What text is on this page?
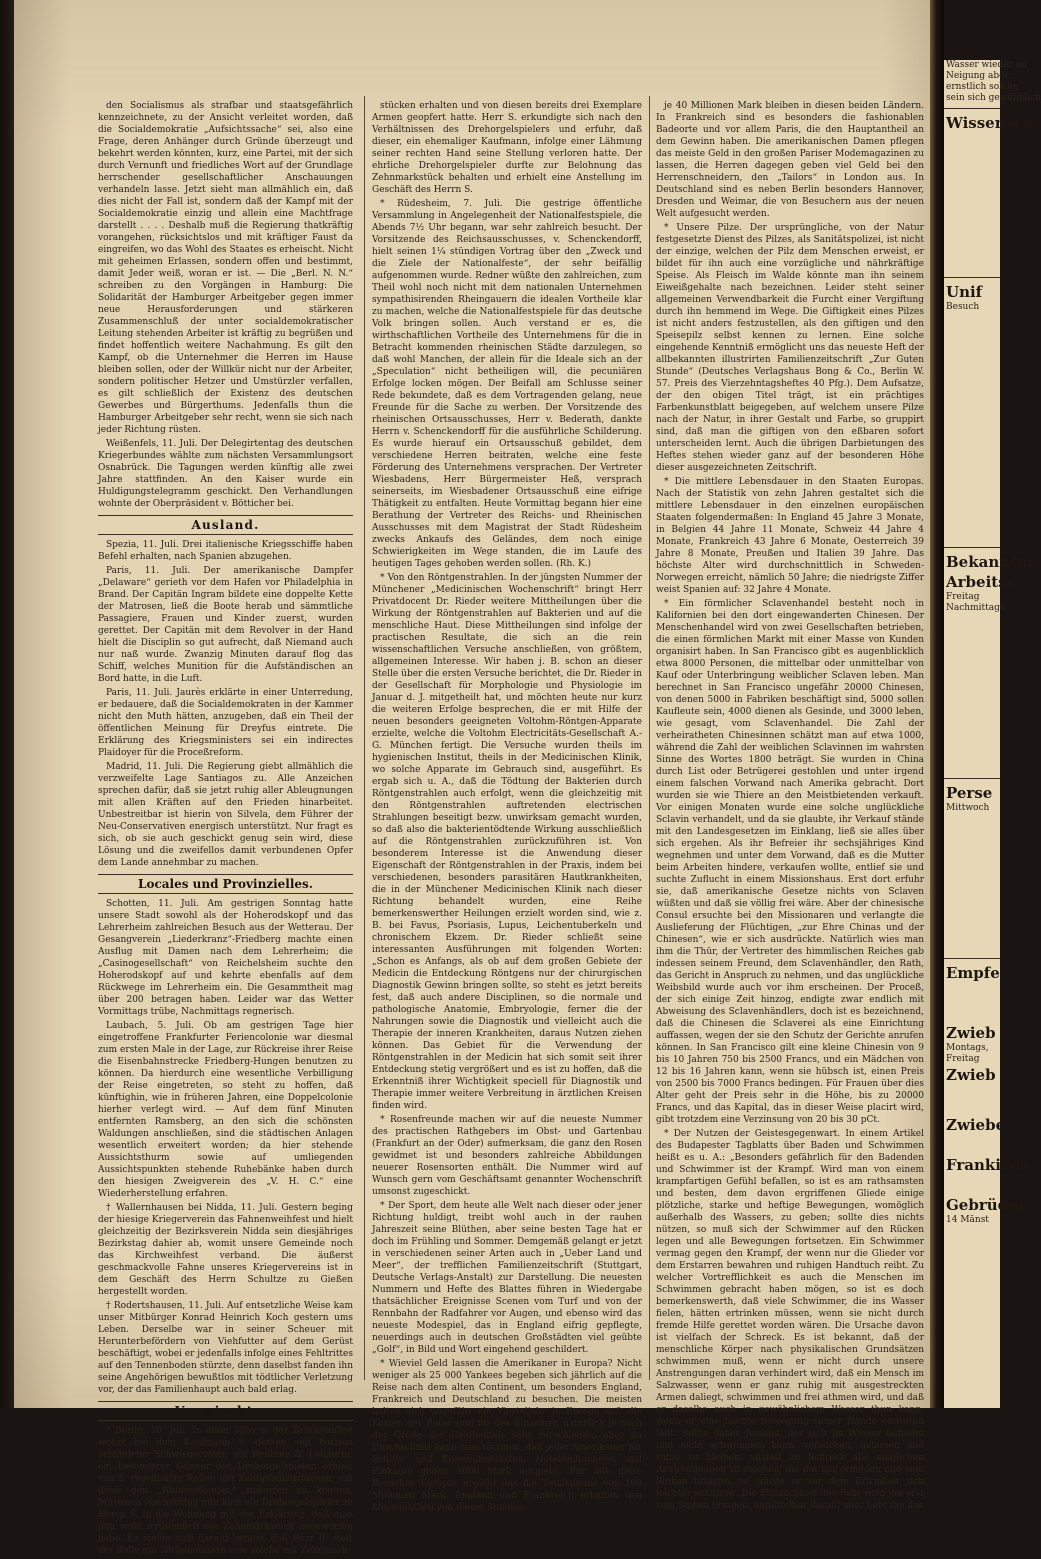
den Socialismus als strafbar und staatsgefährlich kennzeichnete, zu der Ansicht verleitet worden, daß die Socialdemokratie „Aufsichtssache“ sei, also eine Frage, deren Anhänger durch Gründe überzeugt und bekehrt werden könnten, kurz, eine Partei, mit der sich durch Vernunft und friedliches Wort auf der Grundlage herrschender gesellschaftlicher Anschauungen verhandeln lasse. Jetzt sieht man allmählich ein, daß dies nicht der Fall ist, sondern daß der Kampf mit der Socialdemokratie einzig und allein eine Machtfrage darstellt . . . . Deshalb muß die Regierung thatkräftig vorangehen, rücksichtslos und mit kräftiger Faust da eingreifen, wo das Wohl des Staates es erheischt. Nicht mit geheimen Erlassen, sondern offen und bestimmt, damit Jeder weiß, woran er ist. — Die „Berl. N. N.“ schreiben zu den Vorgängen in Hamburg: Die Solidarität der Hamburger Arbeitgeber gegen immer neue Herausforderungen und stärkeren Zusammenschluß der unter socialdemokratischer Leitung stehenden Arbeiter ist kräftig zu begrüßen und findet hoffentlich weitere Nachahmung. Es gilt den Kampf, ob die Unternehmer die Herren im Hause bleiben sollen, oder der Willkür nicht nur der Arbeiter, sondern politischer Hetzer und Umstürzler verfallen, es gilt schließlich der Existenz des deutschen Gewerbes und Bürgerthums. Jedenfalls thun die Hamburger Arbeitgeber sehr recht, wenn sie sich nach jeder Richtung rüsten.

Weißenfels, 11. Juli. Der Delegirtentag des deutschen Kriegerbundes wählte zum nächsten Versammlungsort Osnabrück. Die Tagungen werden künftig alle zwei Jahre stattfinden. An den Kaiser wurde ein Huldigungstelegramm geschickt. Den Verhandlungen wohnte der Oberpräsident v. Bötticher bei.

Ausland.

Spezia, 11. Juli. Drei italienische Kriegsschiffe haben Befehl erhalten, nach Spanien abzugehen.

Paris, 11. Juli. Der amerikanische Dampfer „Delaware“ gerieth vor dem Hafen vor Philadelphia in Brand. Der Capitän Ingram bildete eine doppelte Kette der Matrosen, ließ die Boote herab und sämmtliche Passagiere, Frauen und Kinder zuerst, wurden gerettet. Der Capitän mit dem Revolver in der Hand hielt die Disciplin so gut aufrecht, daß Niemand auch nur naß wurde. Zwanzig Minuten darauf flog das Schiff, welches Munition für die Aufständischen an Bord hatte, in die Luft.

Paris, 11. Juli. Jaurès erklärte in einer Unterredung, er bedauere, daß die Socialdemokraten in der Kammer nicht den Muth hätten, anzugeben, daß ein Theil der öffentlichen Meinung für Dreyfus eintrete. Die Erklärung des Kriegsministers sei ein indirectes Plaidoyer für die Proceßreform.

Madrid, 11. Juli. Die Regierung giebt allmählich die verzweifelte Lage Santiagos zu. Alle Anzeichen sprechen dafür, daß sie jetzt ruhig aller Ableugnungen mit allen Kräften auf den Frieden hinarbeitet. Unbestreitbar ist hierin von Silvela, dem Führer der Neu-Conservativen energisch unterstützt. Nur fragt es sich, ob sie auch geschickt genug sein wird, diese Lösung und die zweifellos damit verbundenen Opfer dem Lande annehmbar zu machen.

Locales und Provinzielles.

Schotten, 11. Juli. Am gestrigen Sonntag hatte unsere Stadt sowohl als der Hoherodskopf und das Lehrerheim zahlreichen Besuch aus der Wetterau. Der Gesangverein „Liederkranz“-Friedberg machte einen Ausflug mit Damen nach dem Lehrerheim; die „Casinogesellschaft“ von Reichelsheim suchte den Hoherodskopf auf und kehrte ebenfalls auf dem Rückwege im Lehrerheim ein. Die Gesammtheit mag über 200 betragen haben. Leider war das Wetter Vormittags trübe, Nachmittags regnerisch.

Laubach, 5. Juli. Ob am gestrigen Tage hier eingetroffene Frankfurter Feriencolonie war diesmal zum ersten Male in der Lage, zur Rückreise ihrer Reise die Eisenbahnstrecke Friedberg-Hungen benutzen zu können. Da hierdurch eine wesentliche Verbilligung der Reise eingetreten, so steht zu hoffen, daß künftighin, wie in früheren Jahren, eine Doppelcolonie hierher verlegt wird. — Auf dem fünf Minuten entfernten Ramsberg, an den sich die schönsten Waldungen anschließen, sind die städtischen Anlagen wesentlich erweitert worden; da hier stehende Aussichtsthurm sowie auf umliegenden Aussichtspunkten stehende Ruhebänke haben durch den hiesigen Zweigverein des „V. H. C.“ eine Wiederherstellung erfahren.

† Wallernhausen bei Nidda, 11. Juli. Gestern beging der hiesige Kriegerverein das Fahnenweihfest und hielt gleichzeitig der Bezirksverein Nidda sein diesjähriges Bezirkstag dahier ab, womit unsere Gemeinde noch das Kirchweihfest verband. Die äußerst geschmackvolle Fahne unseres Kriegervereins ist in dem Geschäft des Herrn Schultze zu Gießen hergestellt worden.

† Rodertshausen, 11. Juli. Auf entsetzliche Weise kam unser Mitbürger Konrad Heinrich Koch gestern ums Leben. Derselbe war in seiner Scheuer mit Herunterbefördern von Viehfutter auf dem Gerüst beschäftigt, wobei er jedenfalls infolge eines Fehltrittes auf den Tennenboden stürzte, denn daselbst fanden ihn seine Angehörigen bewußtlos mit tödtlicher Verletzung vor, der das Familienhaupt auch bald erlag.

Vermischtes.

* Berlin, 10. Juli. In einer Villa in der Brückenallee wohnt bei dem Kaufmann S. dessen seit kurzem erblindeter Schwiegervater, ein Rentner B. Letzterer, ein besonderer Gönner der Drehorgelspieler, erhielt von S. regelmäßig Rollen mit Zehnpfennigstücken, um diese den „Hofmusikanten“ zuwerfen zu können. Mittwoch Nachmittag nun kam ein Drehorgelspieler zu Herrn S. in die Wohnung mit der Erklärung, daß man ihm wohl irrthümlich ein Zehnmarkstück zugeworfen habe. Es stellte sich darauf heraus, daß Herr B. statt der Rolle mit Nickelmünzen eine solche mit Zehnmark-

stücken erhalten und von diesen bereits drei Exemplare Armen geopfert hatte. Herr S. erkundigte sich nach den Verhältnissen des Drehorgelspielers und erfuhr, daß dieser, ein ehemaliger Kaufmann, infolge einer Lähmung seiner rechten Hand seine Stellung verloren hatte. Der ehrliche Drehorgelspieler durfte zur Belohnung das Zehnmarkstück behalten und erhielt eine Anstellung im Geschäft des Herrn S.

* Rüdesheim, 7. Juli. Die gestrige öffentliche Versammlung in Angelegenheit der Nationalfestspiele, die Abends 7½ Uhr begann, war sehr zahlreich besucht. Der Vorsitzende des Reichsausschusses, v. Schenckendorff, hielt seinen 1¼ stündigen Vortrag über den „Zweck und die Ziele der Nationalfeste“, der sehr beifällig aufgenommen wurde. Redner wüßte den zahlreichen, zum Theil wohl noch nicht mit dem nationalen Unternehmen sympathisirenden Rheingauern die idealen Vortheile klar zu machen, welche die Nationalfestspiele für das deutsche Volk bringen sollen. Auch verstand er es, die wirthschaftlichen Vortheile des Unternehmens für die in Betracht kommenden rheinischen Städte darzulegen, so daß wohl Manchen, der allein für die Ideale sich an der „Speculation“ nicht betheiligen will, die pecuniären Erfolge locken mögen. Der Beifall am Schlusse seiner Rede bekundete, daß es dem Vortragenden gelang, neue Freunde für die Sache zu werben. Der Vorsitzende des rheinischen Ortsausschusses, Herr v. Bederath, dankte Herrn v. Schenckendorff für die ausführliche Schilderung. Es wurde hierauf ein Ortsausschuß gebildet, dem verschiedene Herren beitraten, welche eine feste Förderung des Unternehmens versprachen. Der Vertreter Wiesbadens, Herr Bürgermeister Heß, versprach seinerseits, im Wiesbadener Ortsausschuß eine eifrige Thätigkeit zu entfalten. Heute Vormittag begann hier eine Berathung der Vertreter des Reichs- und Rheinischen Ausschusses mit dem Magistrat der Stadt Rüdesheim zwecks Ankaufs des Geländes, dem noch einige Schwierigkeiten im Wege standen, die im Laufe des heutigen Tages gehoben werden sollen. (Rh. K.)

* Von den Röntgenstrahlen. In der jüngsten Nummer der Münchener „Medicinischen Wochenschrift“ bringt Herr Privatdocent Dr. Rieder weitere Mittheilungen über die Wirkung der Röntgenstrahlen auf Bakterien und auf die menschliche Haut. Diese Mittheilungen sind infolge der practischen Resultate, die sich an die rein wissenschaftlichen Versuche anschließen, von größtem, allgemeinen Interesse. Wir haben j. B. schon an dieser Stelle über die ersten Versuche berichtet, die Dr. Rieder in der Gesellschaft für Morphologie und Physiologie im Januar d. J. mitgetheilt hat, und möchten heute nur kurz die weiteren Erfolge besprechen, die er mit Hilfe der neuen besonders geeigneten Voltohm-Röntgen-Apparate erzielte, welche die Voltohm Electricitäts-Gesellschaft A.-G. München fertigt. Die Versuche wurden theils im hygienischen Institut, theils in der Medicinischen Klinik, wo solche Apparate im Gebrauch sind, ausgeführt. Es ergab sich u. A., daß die Tödtung der Bakterien durch Röntgenstrahlen auch erfolgt, wenn die gleichzeitig mit den Röntgenstrahlen auftretenden electrischen Strahlungen beseitigt bezw. unwirksam gemacht wurden, so daß also die bakterientödtende Wirkung ausschließlich auf die Röntgenstrahlen zurückzuführen ist. Von besonderem Interesse ist die Anwendung dieser Eigenschaft der Röntgenstrahlen in der Praxis, indem bei verschiedenen, besonders parasitären Hautkrankheiten, die in der Münchener Medicinischen Klinik nach dieser Richtung behandelt wurden, eine Reihe bemerkenswerther Heilungen erzielt worden sind, wie z. B. bei Favus, Psoriasis, Lupus, Leichentuberkeln und chronischem Ekzem. Dr. Rieder schließt seine interessanten Ausführungen mit folgenden Worten: „Schon es Anfangs, als ob auf dem großen Gebiete der Medicin die Entdeckung Röntgens nur der chirurgischen Diagnostik Gewinn bringen sollte, so steht es jetzt bereits fest, daß auch andere Disciplinen, so die normale und pathologische Anatomie, Embryologie, ferner die der Nahrungen sowie die Diagnostik und vielleicht auch die Therapie der inneren Krankheiten, daraus Nutzen ziehen können. Das Gebiet für die Verwendung der Röntgenstrahlen in der Medicin hat sich somit seit ihrer Entdeckung stetig vergrößert und es ist zu hoffen, daß die Erkenntniß ihrer Wichtigkeit speciell für Diagnostik und Therapie immer weitere Verbreitung in ärztlichen Kreisen finden wird.

* Rosenfreunde machen wir auf die neueste Nummer des practischen Rathgebers im Obst- und Gartenbau (Frankfurt an der Oder) aufmerksam, die ganz den Rosen gewidmet ist und besonders zahlreiche Abbildungen neuerer Rosensorten enthält. Die Nummer wird auf Wunsch gern vom Geschäftsamt genannter Wochenschrift umsonst zugeschickt.

* Der Sport, dem heute alle Welt nach dieser oder jener Richtung huldigt, treibt wohl auch in der rauhen Jahreszeit seine Blüthen, aber seine besten Tage hat er doch im Frühling und Sommer. Demgemäß gelangt er jetzt in verschiedenen seiner Arten auch in „Ueber Land und Meer“, der trefflichen Familienzeitschrift (Stuttgart, Deutsche Verlags-Anstalt) zur Darstellung. Die neuesten Nummern und Hefte des Blattes führen in Wiedergabe thatsächlicher Ereignisse Scenen vom Turf und von der Rennbahn der Radfahrer vor Augen, und ebenso wird das neueste Modespiel, das in England eifrig gepflegte, neuerdings auch in deutschen Großstädten viel geübte „Golf“, in Bild und Wort eingehend geschildert.

* Wieviel Geld lassen die Amerikaner in Europa? Nicht weniger als 25 000 Yankees begeben sich jährlich auf die Reise nach dem alten Continent, um besonders England, Frankreich und Deutschland zu besuchen. Die meisten halten sich ungefähr ein Vierteljahr in Europa auf; die Kosten der Reise sind für des Einzelnen natürlich je nach der Größe des Geldbeutels sehr verschieden, aber im Durchschnitt kann man rechnen, daß jeder Amerikaner für Schiffs- und Eisenbahnfahrten, Hotelrechnungen und Einkäufe gegen 4000 Mark ausgiebt. Für alle diese Besucher Europas ergiebt das die Totalsumme von 100 Millionen Mark. England und Frankreich erhalten den Löwenantheil von dieser Summe;

je 40 Millionen Mark bleiben in diesen beiden Ländern. In Frankreich sind es besonders die fashionablen Badeorte und vor allem Paris, die den Hauptantheil an dem Gewinn haben. Die amerikanischen Damen pflegen das meiste Geld in den großen Pariser Modemagazinen zu lassen, die Herren dagegen geben viel Geld bei den Herrenschneidern, den „Tailors“ in London aus. In Deutschland sind es neben Berlin besonders Hannover, Dresden und Weimar, die von Besuchern aus der neuen Welt aufgesucht werden.

* Unsere Pilze. Der ursprüngliche, von der Natur festgesetzte Dienst des Pilzes, als Sanitätspolizei, ist nicht der einzige, welchen der Pilz dem Menschen erweist, er bildet für ihn auch eine vorzügliche und nährkräftige Speise. Als Fleisch im Walde könnte man ihn seinem Eiweißgehalte nach bezeichnen. Leider steht seiner allgemeinen Verwendbarkeit die Furcht einer Vergiftung durch ihn hemmend im Wege. Die Giftigkeit eines Pilzes ist nicht anders festzustellen, als den giftigen und den Speisepilz selbst kennen zu lernen. Eine solche eingehende Kenntniß ermöglicht uns das neueste Heft der allbekannten illustrirten Familienzeitschrift „Zur Guten Stunde“ (Deutsches Verlagshaus Bong & Co., Berlin W. 57. Preis des Vierzehntagsheftes 40 Pfg.). Dem Aufsatze, der den obigen Titel trägt, ist ein prächtiges Farbenkunstblatt beigegeben, auf welchem unsere Pilze nach der Natur, in ihrer Gestalt und Farbe, so gruppirt sind, daß man die giftigen von den eßbaren sofort unterscheiden lernt. Auch die übrigen Darbietungen des Heftes stehen wieder ganz auf der besonderen Höhe dieser ausgezeichneten Zeitschrift.

* Die mittlere Lebensdauer in den Staaten Europas. Nach der Statistik von zehn Jahren gestaltet sich die mittlere Lebensdauer in den einzelnen europäischen Staaten folgendermaßen: In England 45 Jahre 3 Monate, in Belgien 44 Jahre 11 Monate, Schweiz 44 Jahre 4 Monate, Frankreich 43 Jahre 6 Monate, Oesterreich 39 Jahre 8 Monate, Preußen und Italien 39 Jahre. Das höchste Alter wird durchschnittlich in Schweden-Norwegen erreicht, nämlich 50 Jahre; die niedrigste Ziffer weist Spanien auf: 32 Jahre 4 Monate.

* Ein förmlicher Sclavenhandel besteht noch in Kalifornien bei den dort eingewanderten Chinesen. Der Menschenhandel wird von zwei Gesellschaften betrieben, die einen förmlichen Markt mit einer Masse von Kunden organisirt haben. In San Francisco gibt es augenblicklich etwa 8000 Personen, die mittelbar oder unmittelbar von Kauf oder Unterbringung weiblicher Sclaven leben. Man berechnet in San Francisco ungefähr 20000 Chinesen, von denen 5000 in Fabriken beschäftigt sind, 5000 sollen Kaufleute sein, 4000 dienen als Gesinde, und 3000 leben, wie gesagt, vom Sclavenhandel. Die Zahl der verheiratheten Chinesinnen schätzt man auf etwa 1000, während die Zahl der weiblichen Sclavinnen im wahrsten Sinne des Wortes 1800 beträgt. Sie wurden in China durch List oder Betrügerei gestohlen und unter irgend einem falschen Vorwand nach Amerika gebracht. Dort wurden sie wie Thiere an den Meistbietenden verkauft. Vor einigen Monaten wurde eine solche unglückliche Sclavin verhandelt, und da sie glaubte, ihr Verkauf stände mit den Landesgesetzen im Einklang, ließ sie alles über sich ergehen. Als ihr Befreier ihr sechsjähriges Kind wegnehmen und unter dem Vorwand, daß es die Mutter beim Arbeiten hindere, verkaufen wollte, entlief sie und suchte Zuflucht in einem Missionshaus. Erst dort erfuhr sie, daß amerikanische Gesetze nichts von Sclaven wüßten und daß sie völlig frei wäre. Aber der chinesische Consul ersuchte bei den Missionaren und verlangte die Auslieferung der Flüchtigen, „zur Ehre Chinas und der Chinesen“, wie er sich ausdrückte. Natürlich wies man ihm die Thür, der Vertreter des himmlischen Reiches gab indessen seinem Freund, dem Sclavenhändler, den Rath, das Gericht in Anspruch zu nehmen, und das unglückliche Weibsbild wurde auch vor ihm erscheinen. Der Proceß, der sich einige Zeit hinzog, endigte zwar endlich mit Abweisung des Sclavenhändlers, doch ist es bezeichnend, daß die Chinesen die Sclaverei als eine Einrichtung auffassen, wegen der sie den Schutz der Gerichte anrufen können. In San Francisco gilt eine kleine Chinesin von 9 bis 10 Jahren 750 bis 2500 Francs, und ein Mädchen von 12 bis 16 Jahren kann, wenn sie hübsch ist, einen Preis von 2500 bis 7000 Francs bedingen. Für Frauen über dies Alter geht der Preis sehr in die Höhe, bis zu 20000 Francs, und das Kapital, das in dieser Weise placirt wird, gibt trotzdem eine Verzinsung von 20 bis 30 pCt.

* Der Nutzen der Geistesgegenwart. In einem Artikel des Budapester Tagblatts über Baden und Schwimmen heißt es u. A.: „Besonders gefährlich für den Badenden und Schwimmer ist der Krampf. Wird man von einem krampfartigen Gefühl befallen, so ist es am rathsamsten und besten, dem davon ergriffenen Gliede einige plötzliche, starke und heftige Bewegungen, womöglich außerhalb des Wassers, zu geben; sollte dies nichts nützen, so muß sich der Schwimmer auf den Rücken legen und alle Bewegungen fortsetzen. Ein Schwimmer vermag gegen den Krampf, der wenn nur die Glieder vor dem Erstarren bewahren und ruhigen Handtuch reibt. Zu welcher Vortrefflichkeit es auch die Menschen im Schwimmen gebracht haben mögen, so ist es doch bemerkenswerth, daß viele Schwimmer, die ins Wasser fielen, hätten ertrinken müssen, wenn sie nicht durch fremde Hilfe gerettet worden wären. Die Ursache davon ist vielfach der Schreck. Es ist bekannt, daß der menschliche Körper nach physikalischen Grundsätzen schwimmen muß, wenn er nicht durch unsere Anstrengungen daran verhindert wird, daß ein Mensch im Salzwasser, wenn er ganz ruhig mit ausgestreckten Armen daliegt, schwimmen und frei athmen wird, und daß er daselbe auch in gewöhnlichem Wasser thun kann, wenn er eine leichte Bewegung seiner Hände eintreten läßt. Sollte daher Jemand, der sich im Wasser befindet und nicht schwimmen kann, versuchen, gelassen und ruhig zu bleiben, anstatt im Schreck alle möglichen Anstrengungen zu machen, die ihn nur ermüden und zum Sinken bringen, so würde er vor dem Ertrinken sich leichter schützen. Die Plötzlichkeit des Falls wird ihn erst zum Sinken bringen, unmittelbar darauf aber hebt ihn das

Wasser wieder au
Neigung aber,
ernstlich solche
sein sich gewöhnlich
Wissensch
Unif
Besuch
Bekanntm
Arbeitsv
Freitag
Nachmittags
Perse
Mittwoch
Empfe
Zwieb
Montags,
Freitag
Zwieb
Zwiebe
Frankisch
Gebrüder
14 Mänst
